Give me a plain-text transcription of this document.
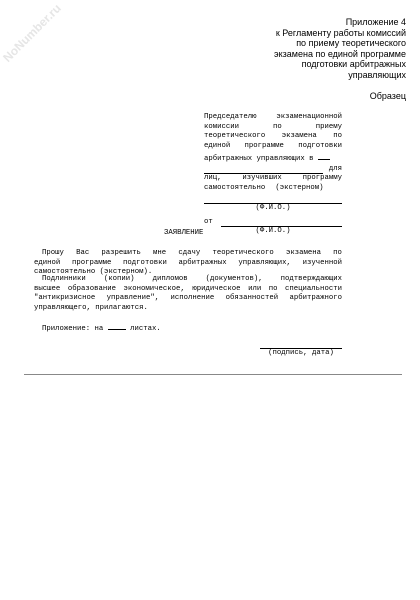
NoNumber.ru	Приложение 4
к Регламенту работы комиссий
по приему теоретического
экзамена по единой программе
подготовки арбитражных
управляющих
Образец
Председателю	экзаменационной
комиссии	по	приему
теоретического экзамена по
единой программе подготовки
арбитражных управляющих в
для
лиц,	изучивших	программу
самостоятельно (экстерном)
(Ф.И.О.)
от
(Ф.И.О.)
ЗАЯВЛЕНИЕ
Прошу Вас разрешить мне сдачу теоретического экзамена по
единой программе подготовки арбитражных управляющих, изученной
самостоятельно (экстерном).
Подлинники (копии) дипломов (документов), подтверждающих
высшее образование экономическое, юридическое или по специальности
"антикризисное управление", исполнение обязанностей арбитражного
управляющего, прилагаются.
Приложение: на  листах.
(подпись, дата)
